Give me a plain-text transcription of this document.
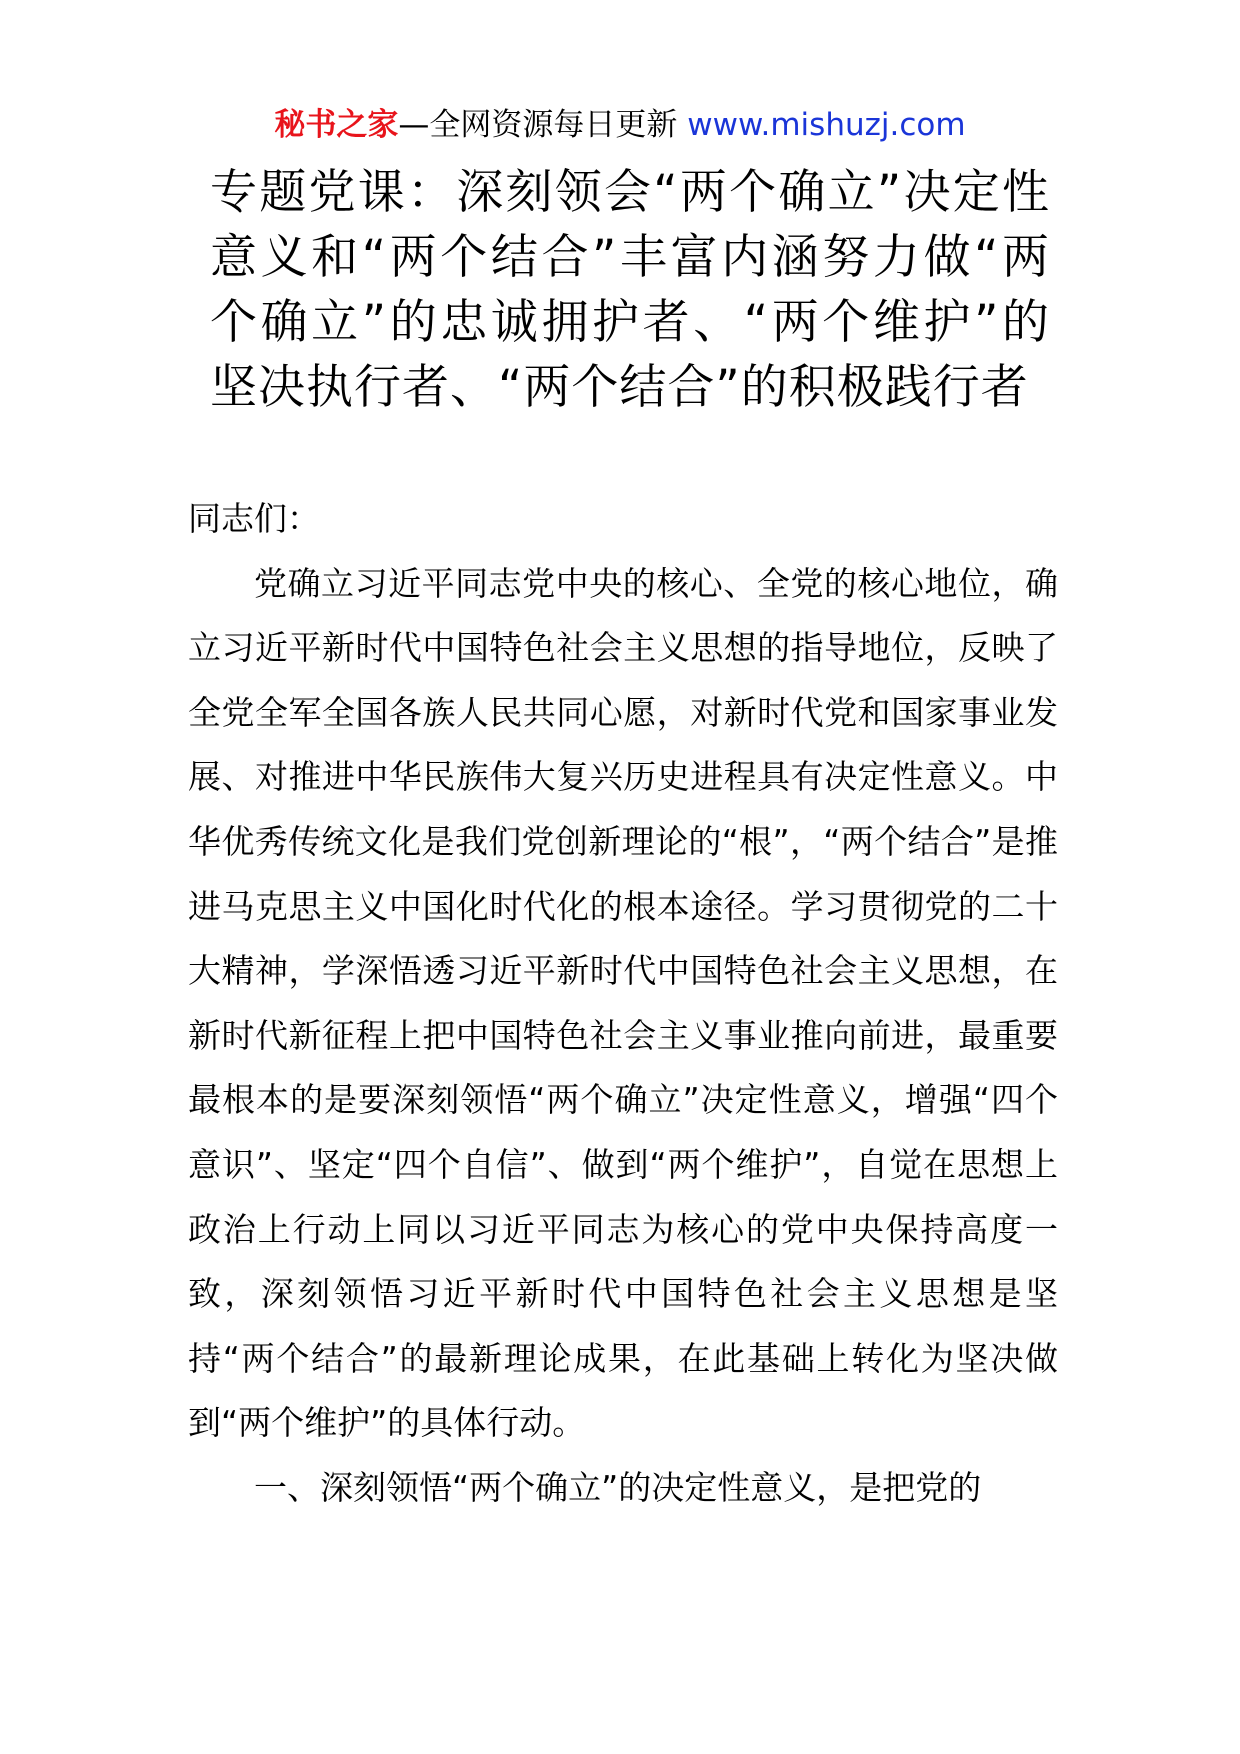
秘书之家—全网资源每日更新 www.mishuzj.com
专题党课：深刻领会“两个确立”决定性意义和“两个结合”丰富内涵努力做“两个确立”的忠诚拥护者、“两个维护”的坚决执行者、“两个结合”的积极践行者

同志们：

党确立习近平同志党中央的核心、全党的核心地位，确立习近平新时代中国特色社会主义思想的指导地位，反映了全党全军全国各族人民共同心愿，对新时代党和国家事业发展、对推进中华民族伟大复兴历史进程具有决定性意义。中华优秀传统文化是我们党创新理论的“根”，“两个结合”是推进马克思主义中国化时代化的根本途径。学习贯彻党的二十大精神，学深悟透习近平新时代中国特色社会主义思想，在新时代新征程上把中国特色社会主义事业推向前进，最重要最根本的是要深刻领悟“两个确立”决定性意义，增强“四个意识”、坚定“四个自信”、做到“两个维护”，自觉在思想上政治上行动上同以习近平同志为核心的党中央保持高度一致，深刻领悟习近平新时代中国特色社会主义思想是坚持“两个结合”的最新理论成果，在此基础上转化为坚决做到“两个维护”的具体行动。

一、深刻领悟“两个确立”的决定性意义，是把党的
